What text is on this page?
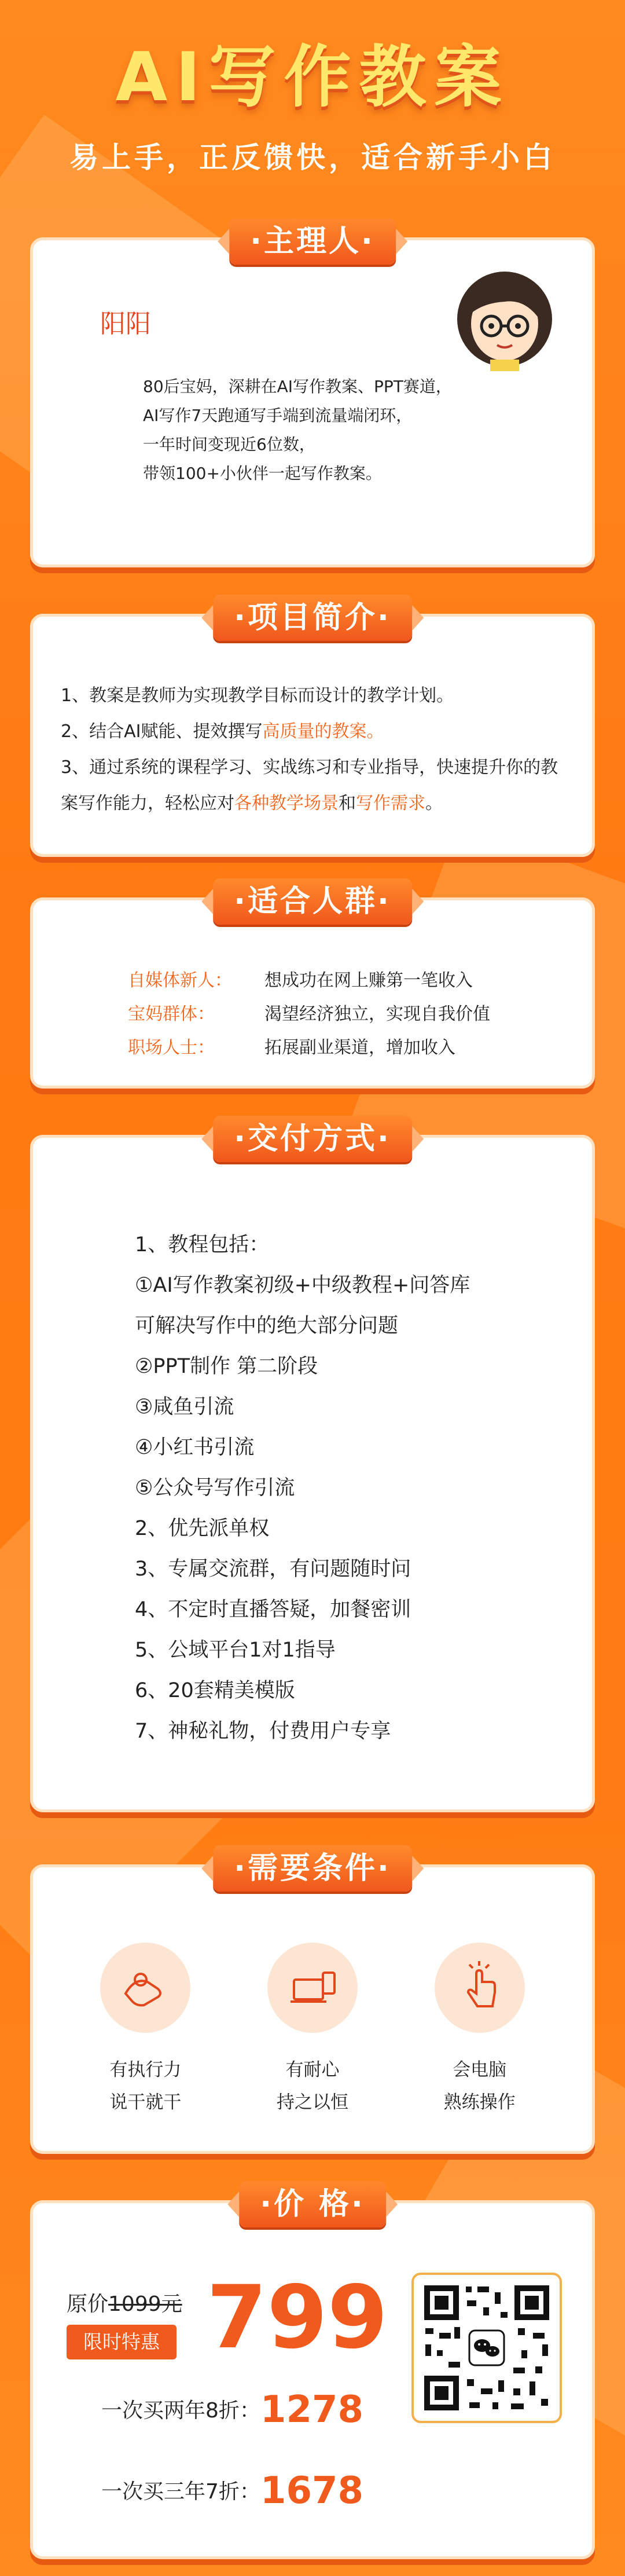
AI写作教案
易上手，正反馈快，适合新手小白
·主理人·
阳阳
80后宝妈，深耕在AI写作教案、PPT赛道，
AI写作7天跑通写手端到流量端闭环，
一年时间变现近6位数，
带领100+小伙伴一起写作教案。
·项目简介·
1、教案是教师为实现教学目标而设计的教学计划。
2、结合AI赋能、提效撰写高质量的教案。
3、通过系统的课程学习、实战练习和专业指导，快速提升你的教案写作能力，轻松应对各种教学场景和写作需求。
·适合人群·
自媒体新人：	想成功在网上赚第一笔收入
宝妈群体：	渴望经济独立，实现自我价值
职场人士：	拓展副业渠道，增加收入
·交付方式·
1、教程包括：
①AI写作教案初级+中级教程+问答库
可解决写作中的绝大部分问题
②PPT制作 第二阶段
③咸鱼引流
④小红书引流
⑤公众号写作引流
2、优先派单权
3、专属交流群，有问题随时问
4、不定时直播答疑，加餐密训
5、公域平台1对1指导
6、20套精美模版
7、神秘礼物，付费用户专享
·需要条件·
有执行力
说干就干
有耐心
持之以恒
会电脑
熟练操作
·价 格·
原价1099元
限时特惠 799
一次买两年8折：1278
一次买三年7折：1678
